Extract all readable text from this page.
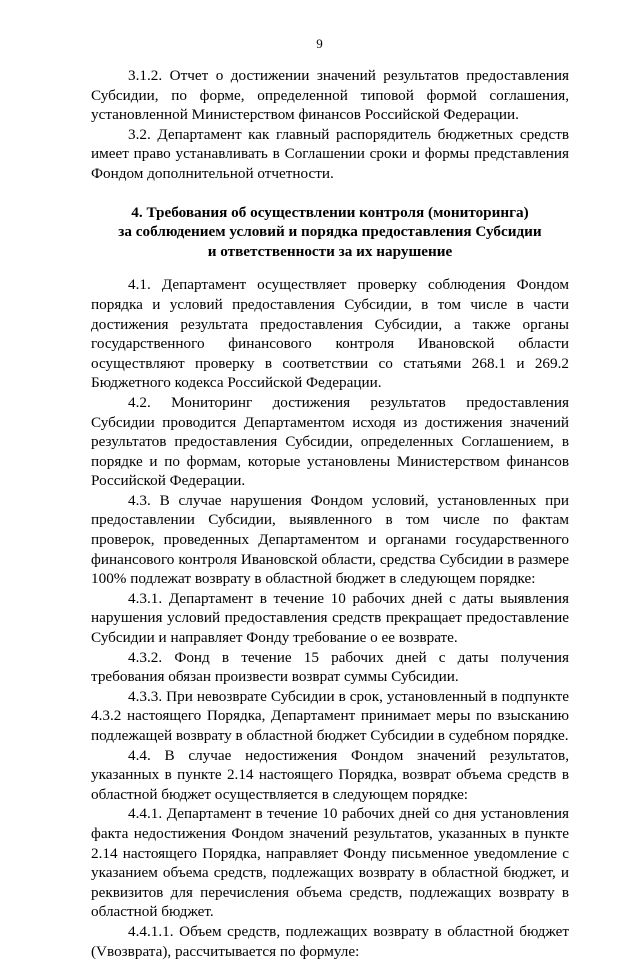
9

3.1.2. Отчет о достижении значений результатов предоставления Субсидии, по форме, определенной типовой формой соглашения, установленной Министерством финансов Российской Федерации.

3.2. Департамент как главный распорядитель бюджетных средств имеет право устанавливать в Соглашении сроки и формы представления Фондом дополнительной отчетности.

4. Требования об осуществлении контроля (мониторинга)
за соблюдением условий и порядка предоставления Субсидии
и ответственности за их нарушение

4.1. Департамент осуществляет проверку соблюдения Фондом порядка и условий предоставления Субсидии, в том числе в части достижения результата предоставления Субсидии, а также органы государственного финансового контроля Ивановской области осуществляют проверку в соответствии со статьями 268.1 и 269.2 Бюджетного кодекса Российской Федерации.

4.2. Мониторинг достижения результатов предоставления Субсидии проводится Департаментом исходя из достижения значений результатов предоставления Субсидии, определенных Соглашением, в порядке и по формам, которые установлены Министерством финансов Российской Федерации.

4.3. В случае нарушения Фондом условий, установленных при предоставлении Субсидии, выявленного в том числе по фактам проверок, проведенных Департаментом и органами государственного финансового контроля Ивановской области, средства Субсидии в размере 100% подлежат возврату в областной бюджет в следующем порядке:

4.3.1. Департамент в течение 10 рабочих дней с даты выявления нарушения условий предоставления средств прекращает предоставление Субсидии и направляет Фонду требование о ее возврате.

4.3.2. Фонд в течение 15 рабочих дней с даты получения требования обязан произвести возврат суммы Субсидии.

4.3.3. При невозврате Субсидии в срок, установленный в подпункте 4.3.2 настоящего Порядка, Департамент принимает меры по взысканию подлежащей возврату в областной бюджет Субсидии в судебном порядке.

4.4. В случае недостижения Фондом значений результатов, указанных в пункте 2.14 настоящего Порядка, возврат объема средств в областной бюджет осуществляется в следующем порядке:

4.4.1. Департамент в течение 10 рабочих дней со дня установления факта недостижения Фондом значений результатов, указанных в пункте 2.14 настоящего Порядка, направляет Фонду письменное уведомление с указанием объема средств, подлежащих возврату в областной бюджет, и реквизитов для перечисления объема средств, подлежащих возврату в областной бюджет.

4.4.1.1. Объем средств, подлежащих возврату в областной бюджет (Vвозврата), рассчитывается по формуле:
